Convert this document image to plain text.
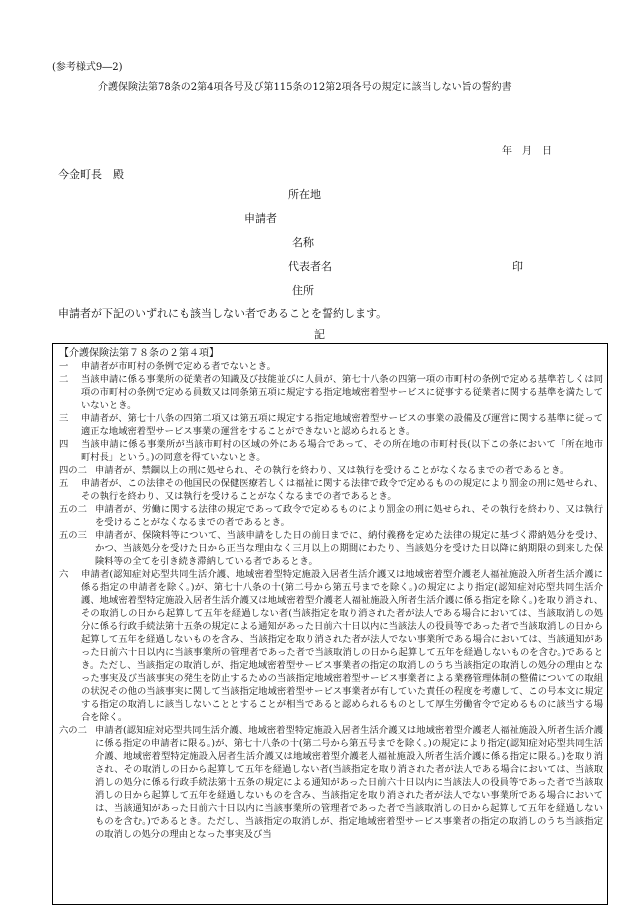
(参考様式9―2)
介護保険法第78条の2第4項各号及び第115条の12第2項各号の規定に該当しない旨の誓約書
年　月　日
今金町長　殿
所在地
申請者
名称
代表者名	印
住所
申請者が下記のいずれにも該当しない者であることを誓約します。
記

【介護保険法第７８条の２第４項】

一 申請者が市町村の条例で定める者でないとき。

二 当該申請に係る事業所の従業者の知識及び技能並びに人員が、第七十八条の四第一項の市町村の条例で定める基準若しくは同項の市町村の条例で定める員数又は同条第五項に規定する指定地域密着型サービスに従事する従業者に関する基準を満たしていないとき。

三 申請者が、第七十八条の四第二項又は第五項に規定する指定地域密着型サービスの事業の設備及び運営に関する基準に従って適正な地域密着型サービス事業の運営をすることができないと認められるとき。

四 当該申請に係る事業所が当該市町村の区域の外にある場合であって、その所在地の市町村長(以下この条において「所在地市町村長」という。)の同意を得ていないとき。

四の二 申請者が、禁錮以上の刑に処せられ、その執行を終わり、又は執行を受けることがなくなるまでの者であるとき。

五 申請者が、この法律その他国民の保健医療若しくは福祉に関する法律で政令で定めるものの規定により罰金の刑に処せられ、その執行を終わり、又は執行を受けることがなくなるまでの者であるとき。

五の二 申請者が、労働に関する法律の規定であって政令で定めるものにより罰金の刑に処せられ、その執行を終わり、又は執行を受けることがなくなるまでの者であるとき。

五の三 申請者が、保険料等について、当該申請をした日の前日までに、納付義務を定めた法律の規定に基づく滞納処分を受け、かつ、当該処分を受けた日から正当な理由なく三月以上の期間にわたり、当該処分を受けた日以降に納期限の到来した保険料等の全てを引き続き滞納している者であるとき。

六 申請者(認知症対応型共同生活介護、地域密着型特定施設入居者生活介護又は地域密着型介護老人福祉施設入所者生活介護に係る指定の申請者を除く。)が、第七十八条の十(第二号から第五号までを除く。)の規定により指定(認知症対応型共同生活介護、地域密着型特定施設入居者生活介護又は地域密着型介護老人福祉施設入所者生活介護に係る指定を除く。)を取り消され、その取消しの日から起算して五年を経過しない者(当該指定を取り消された者が法人である場合においては、当該取消しの処分に係る行政手続法第十五条の規定による通知があった日前六十日以内に当該法人の役員等であった者で当該取消しの日から起算して五年を経過しないものを含み、当該指定を取り消された者が法人でない事業所である場合においては、当該通知があった日前六十日以内に当該事業所の管理者であった者で当該取消しの日から起算して五年を経過しないものを含む。)であるとき。ただし、当該指定の取消しが、指定地域密着型サービス事業者の指定の取消しのうち当該指定の取消しの処分の理由となった事実及び当該事実の発生を防止するための当該指定地域密着型サービス事業者による業務管理体制の整備についての取組の状況その他の当該事実に関して当該指定地域密着型サービス事業者が有していた責任の程度を考慮して、この号本文に規定する指定の取消しに該当しないこととすることが相当であると認められるものとして厚生労働省令で定めるものに該当する場合を除く。

六の二 申請者(認知症対応型共同生活介護、地域密着型特定施設入居者生活介護又は地域密着型介護老人福祉施設入所者生活介護に係る指定の申請者に限る。)が、第七十八条の十(第二号から第五号までを除く。)の規定により指定(認知症対応型共同生活介護、地域密着型特定施設入居者生活介護又は地域密着型介護老人福祉施設入所者生活介護に係る指定に限る。)を取り消され、その取消しの日から起算して五年を経過しない者(当該指定を取り消された者が法人である場合においては、当該取消しの処分に係る行政手続法第十五条の規定による通知があった日前六十日以内に当該法人の役員等であった者で当該取消しの日から起算して五年を経過しないものを含み、当該指定を取り消された者が法人でない事業所である場合においては、当該通知があった日前六十日以内に当該事業所の管理者であった者で当該取消しの日から起算して五年を経過しないものを含む。)であるとき。ただし、当該指定の取消しが、指定地域密着型サービス事業者の指定の取消しのうち当該指定の取消しの処分の理由となった事実及び当
